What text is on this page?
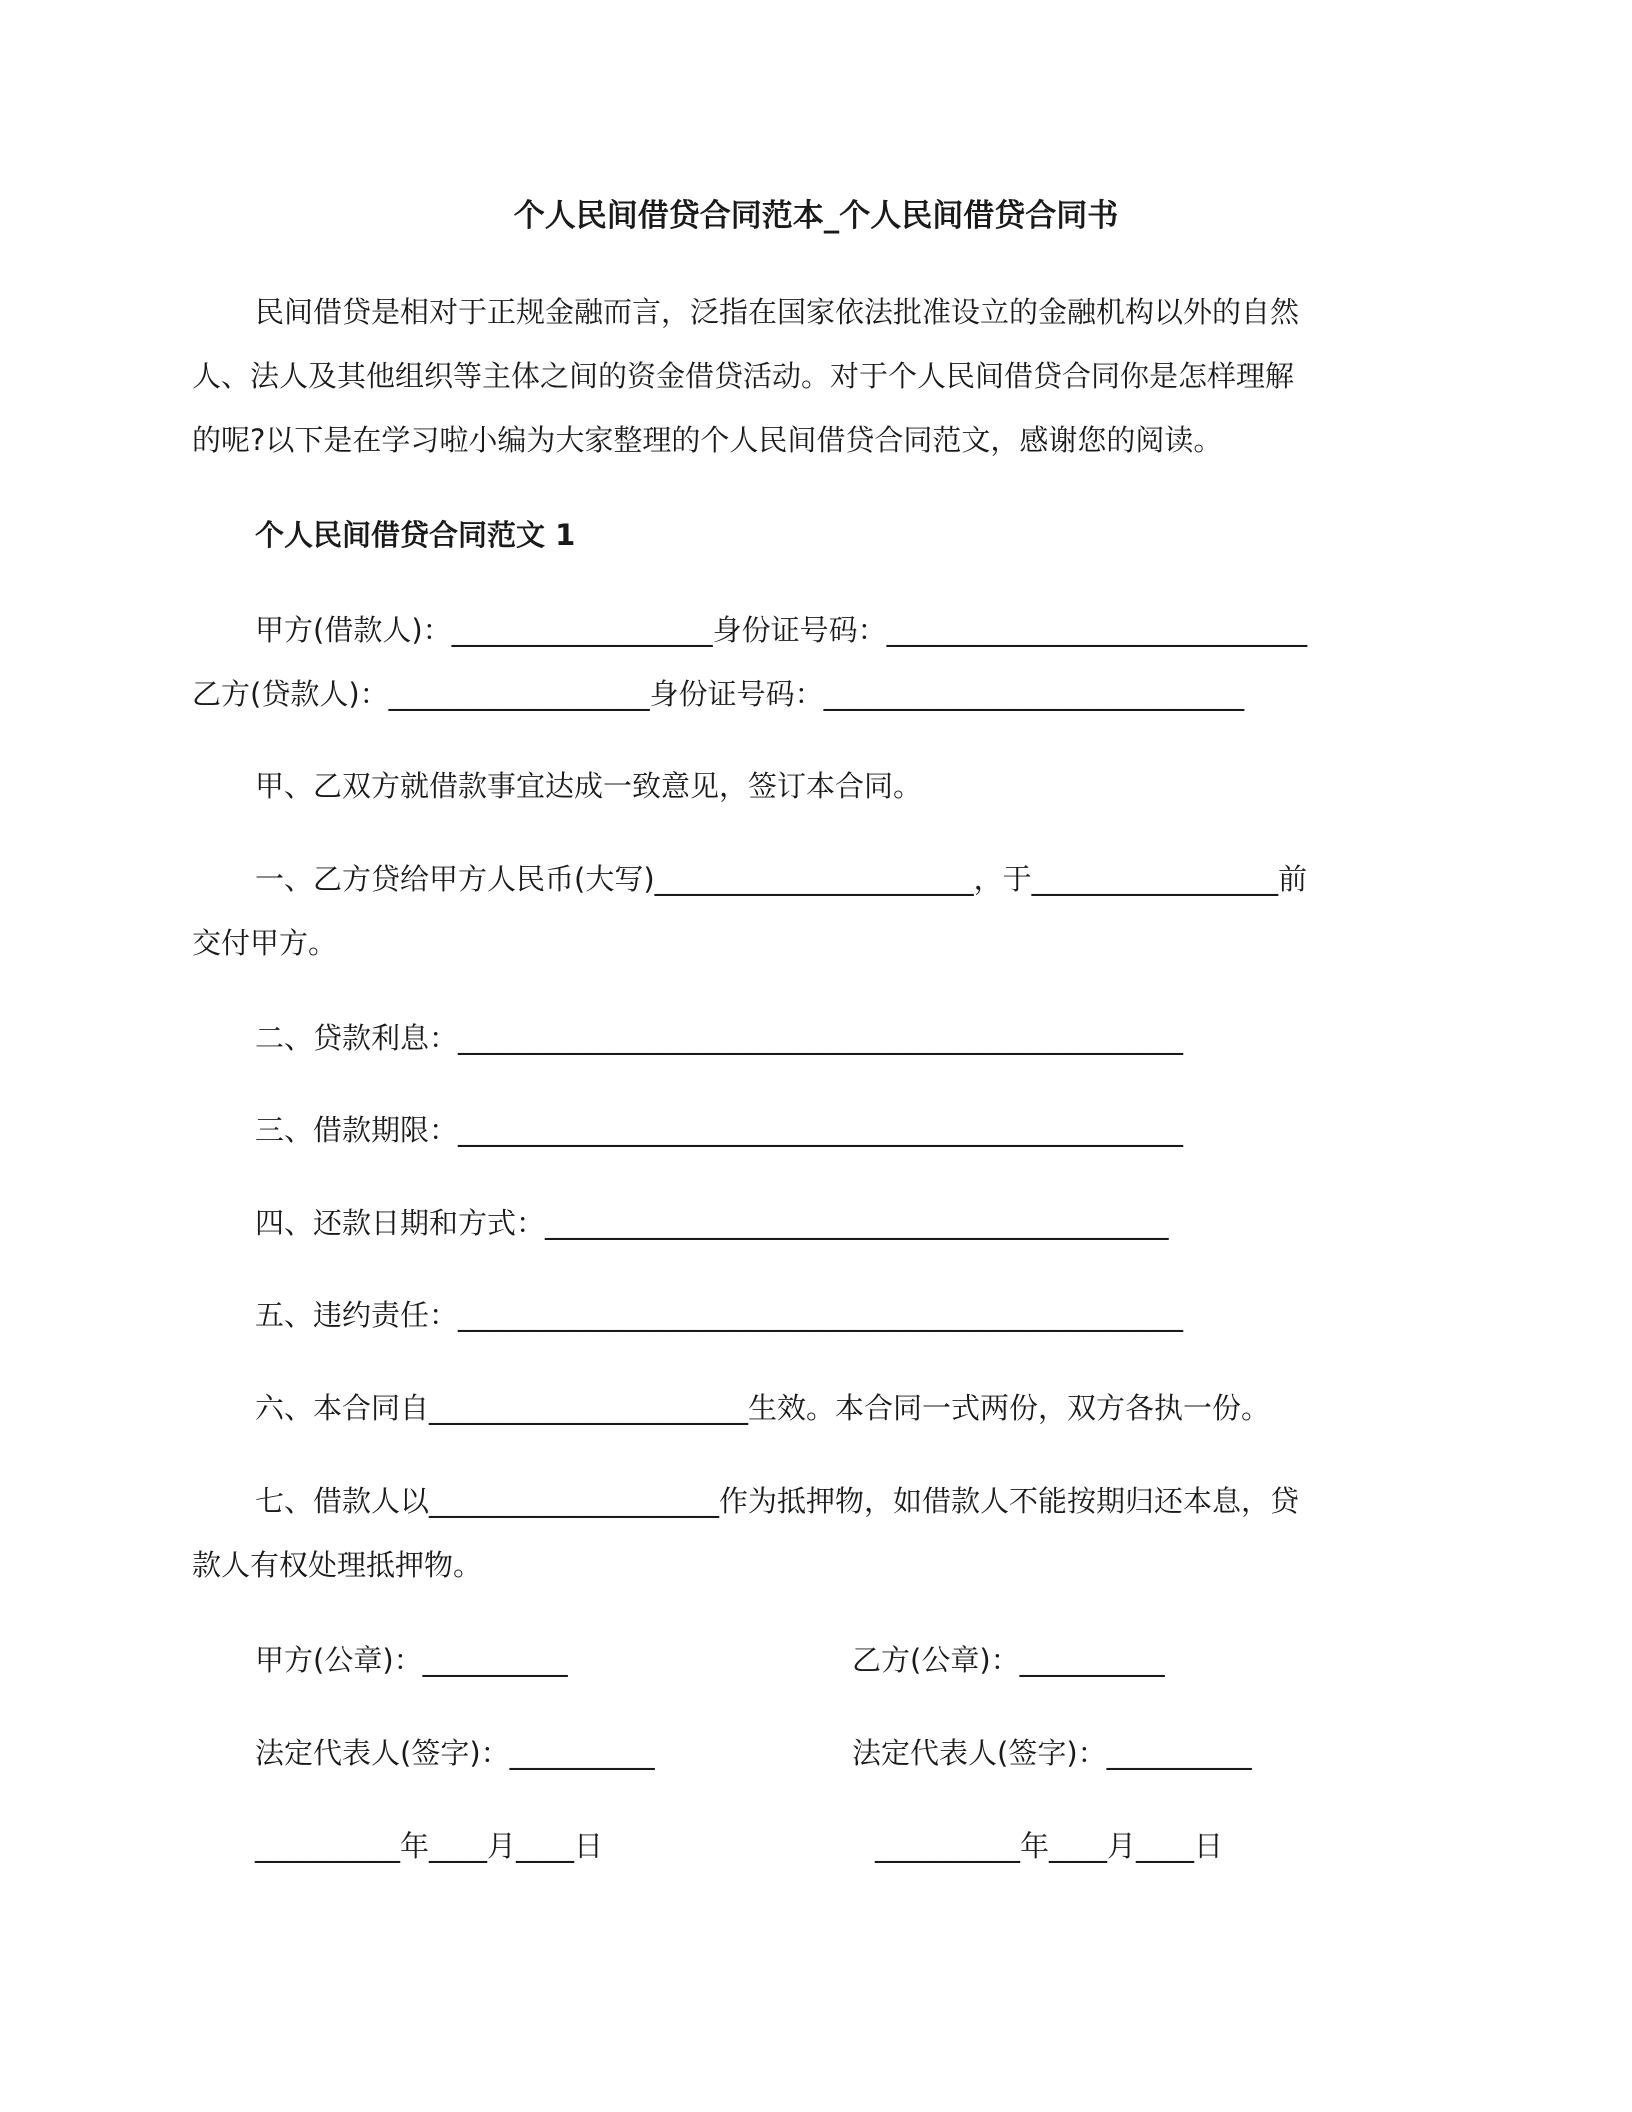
个人民间借贷合同范本_个人民间借贷合同书

民间借贷是相对于正规金融而言，泛指在国家依法批准设立的金融机构以外的自然

人、法人及其他组织等主体之间的资金借贷活动。对于个人民间借贷合同你是怎样理解

的呢?以下是在学习啦小编为大家整理的个人民间借贷合同范文，感谢您的阅读。

个人民间借贷合同范文 1

甲方(借款人)：__________________身份证号码：_____________________________

乙方(贷款人)：__________________身份证号码：_____________________________

甲、乙双方就借款事宜达成一致意见，签订本合同。

一、乙方贷给甲方人民币(大写)______________________，于_________________前

交付甲方。

二、贷款利息：__________________________________________________

三、借款期限：__________________________________________________

四、还款日期和方式：___________________________________________

五、违约责任：__________________________________________________

六、本合同自______________________生效。本合同一式两份，双方各执一份。

七、借款人以____________________作为抵押物，如借款人不能按期归还本息，贷

款人有权处理抵押物。

甲方(公章)：__________	乙方(公章)：__________

法定代表人(签字)：__________	法定代表人(签字)：__________

__________年____月____日	__________年____月____日
